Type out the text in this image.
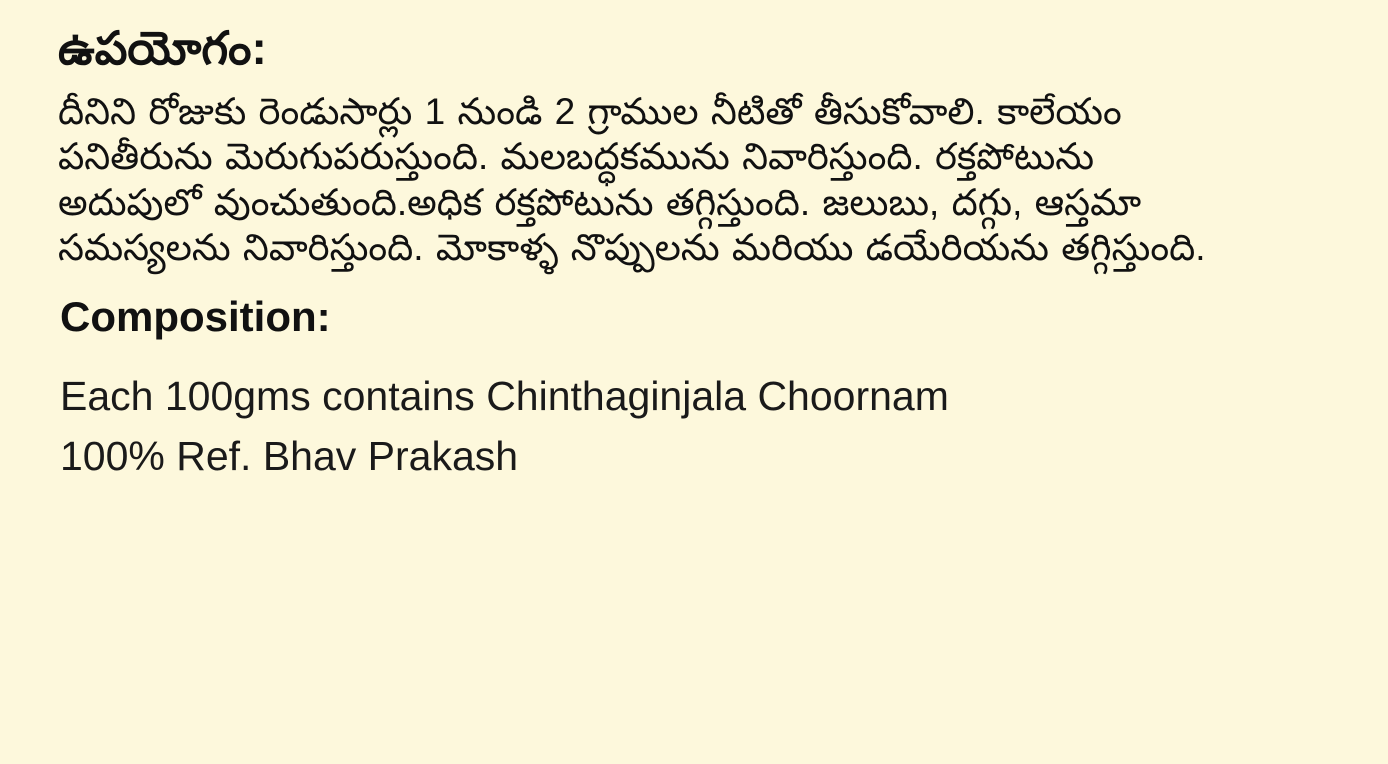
ఉపయోగం:

దీనిని రోజుకు రెండుసార్లు 1 నుండి 2 గ్రాముల నీటితో తీసుకోవాలి. కాలేయం పనితీరును మెరుగుపరుస్తుంది. మలబద్ధకమును నివారిస్తుంది. రక్తపోటును అదుపులో వుంచుతుంది.అధిక రక్తపోటును తగ్గిస్తుంది. జలుబు, దగ్గు, ఆస్తమా సమస్యలను నివారిస్తుంది. మోకాళ్ళ నొప్పులను మరియు డయేరియను తగ్గిస్తుంది.

Composition:
Each 100gms contains Chinthaginjala Choornam
100% Ref. Bhav Prakash
